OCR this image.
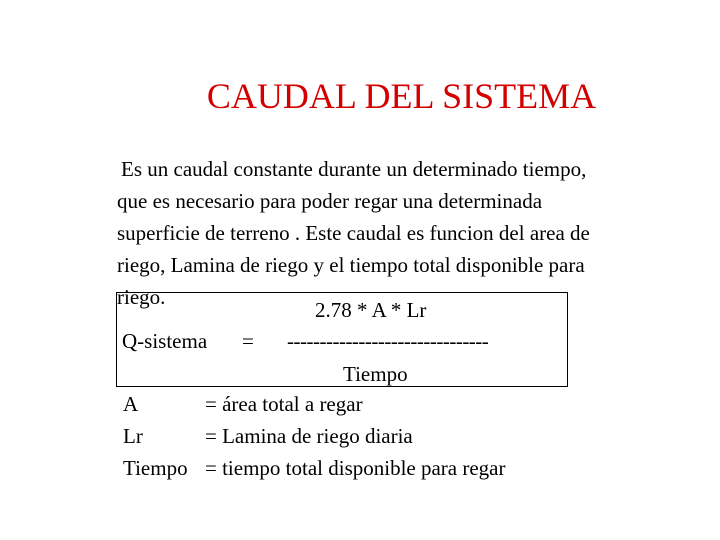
CAUDAL DEL SISTEMA
Es un caudal constante durante un determinado tiempo,
que es necesario para poder regar una determinada
superficie de terreno . Este caudal es funcion del area de
riego, Lamina de riego y el tiempo total disponible para
riego.
2.78 * A * Lr
Q-sistema = -------------------------------
Tiempo
A	= área total a regar
Lr	= Lamina de riego diaria
Tiempo = tiempo total disponible para regar
